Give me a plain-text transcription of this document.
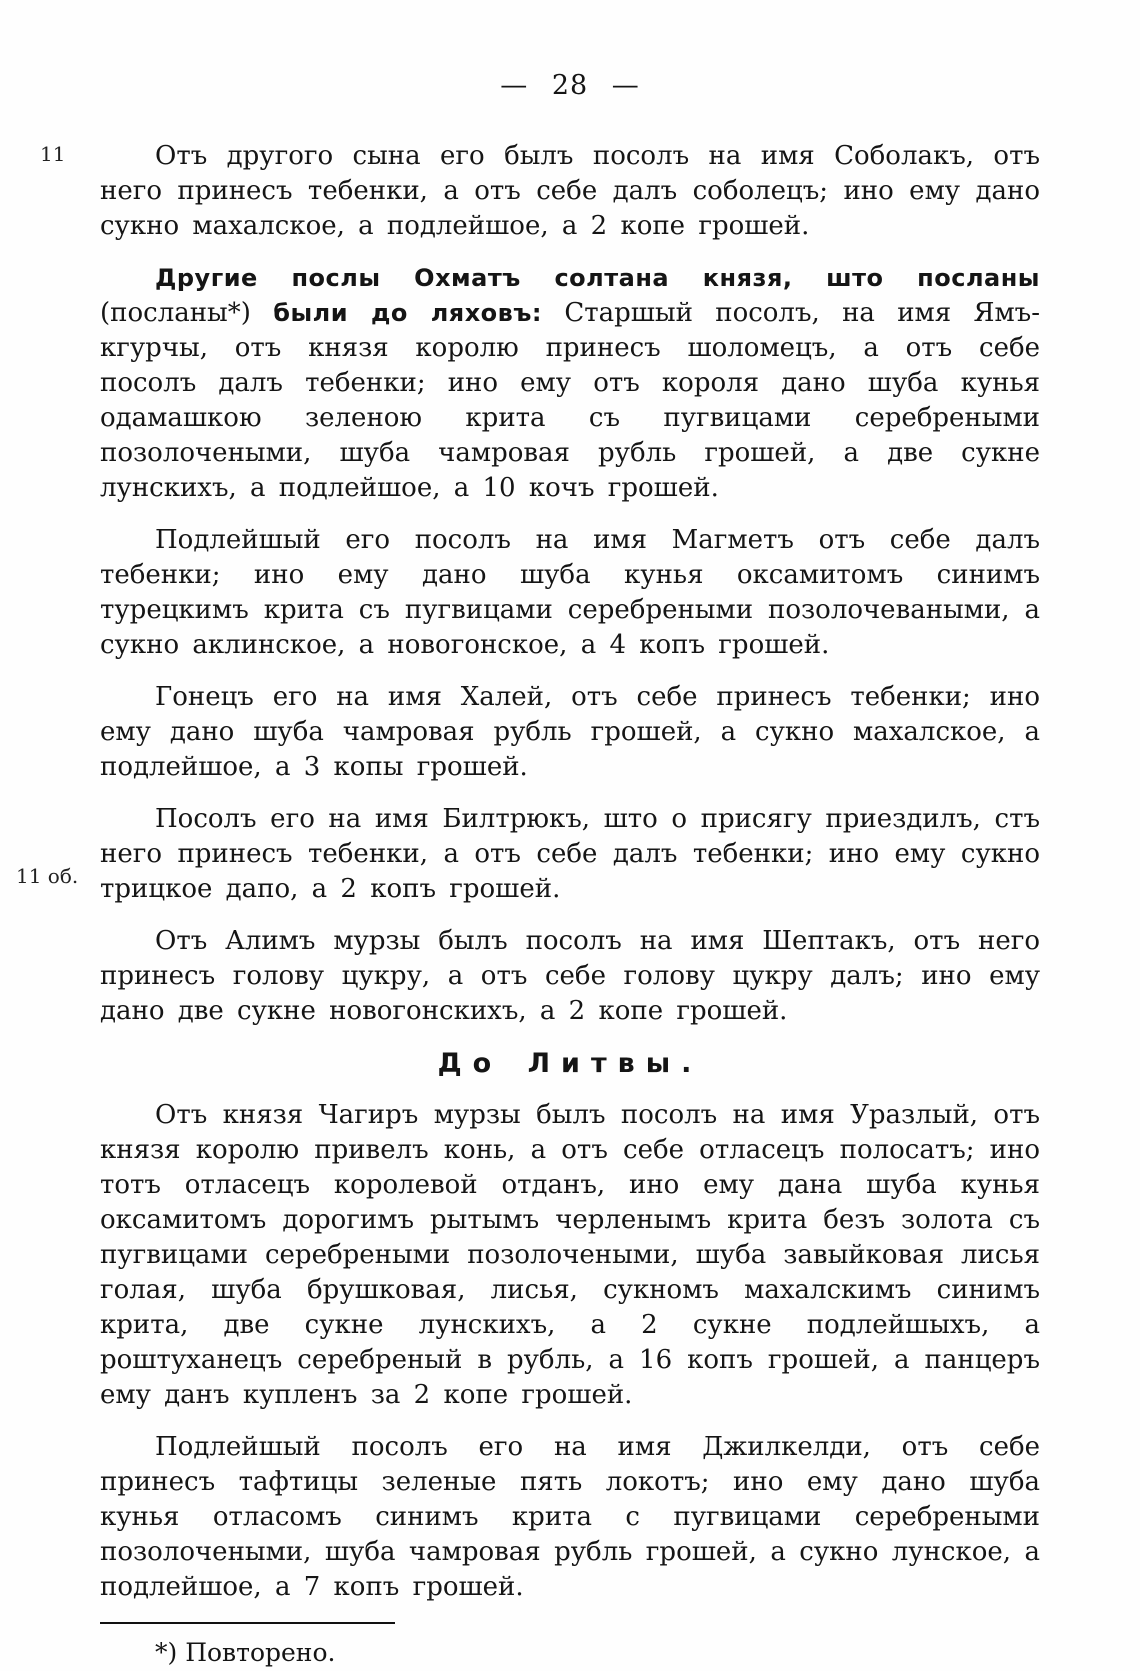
— 28 —
11
11 об.

Отъ другого сына его былъ посолъ на имя Соболакъ, отъ него принесъ тебенки, а отъ себе далъ соболецъ; ино ему дано сукно махалское, а подлейшое, а 2 копе грошей.

Другие послы Охматъ солтана князя, што посланы (посланы*) были до ляховъ: Старшый посолъ, на имя Ямъ-кгурчы, отъ князя королю принесъ шоломецъ, а отъ себе посолъ далъ тебенки; ино ему отъ короля дано шуба кунья одамашкою зеленою крита съ пугвицами серебреными позолочеными, шуба чамровая рубль грошей, а две сукне лунскихъ, а подлейшое, а 10 кочъ грошей.

Подлейшый его посолъ на имя Магметъ отъ себе далъ тебенки; ино ему дано шуба кунья оксамитомъ синимъ турецкимъ крита съ пугвицами серебреными позолочеваными, а сукно аклинское, а новогонское, а 4 копъ грошей.

Гонецъ его на имя Халей, отъ себе принесъ тебенки; ино ему дано шуба чамровая рубль грошей, а сукно махалское, а подлейшое, а 3 копы грошей.

Посолъ его на имя Билтрюкъ, што о присягу приездилъ, стъ него принесъ тебенки, а отъ себе далъ тебенки; ино ему сукно трицкое дапо, а 2 копъ грошей.

Отъ Алимъ мурзы былъ посолъ на имя Шептакъ, отъ него принесъ голову цукру, а отъ себе голову цукру далъ; ино ему дано две сукне новогонскихъ, а 2 копе грошей.

До Литвы.

Отъ князя Чагиръ мурзы былъ посолъ на имя Уразлый, отъ князя королю привелъ конь, а отъ себе отласецъ полосатъ; ино тотъ отласецъ королевой отданъ, ино ему дана шуба кунья оксамитомъ дорогимъ рытымъ черленымъ крита безъ золота съ пугвицами серебреными позолочеными, шуба завыйковая лисья голая, шуба брушковая, лисья, сукномъ махалскимъ синимъ крита, две сукне лунскихъ, а 2 сукне подлейшыхъ, а роштуханецъ серебреный в рубль, а 16 копъ грошей, а панцеръ ему данъ купленъ за 2 копе грошей.

Подлейшый посолъ его на имя Джилкелди, отъ себе принесъ тафтицы зеленые пять локотъ; ино ему дано шуба кунья отласомъ синимъ крита с пугвицами серебреными позолочеными, шуба чамровая рубль грошей, а сукно лунское, а подлейшое, а 7 копъ грошей.

*) Повторено.
